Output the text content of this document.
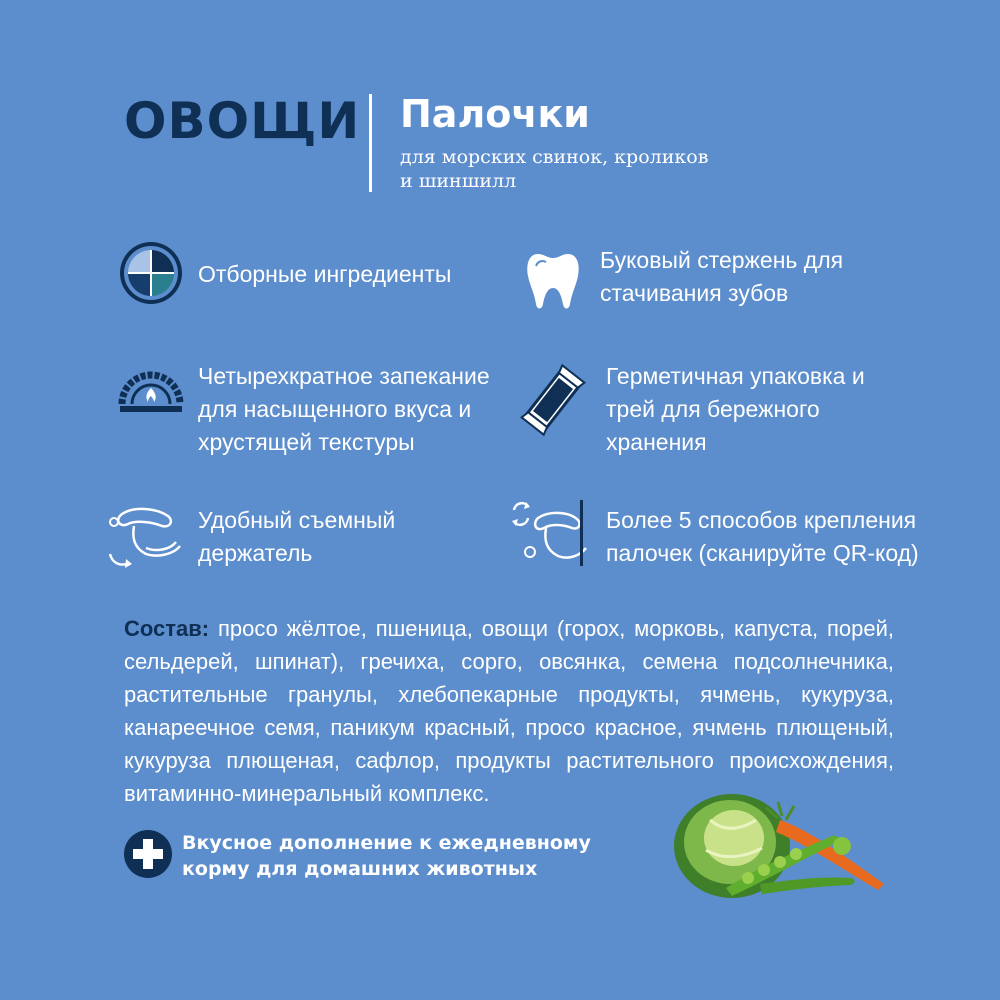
ОВОЩИ Палочки
для морских свинок, кроликов
и шиншилл
Отборные ингредиенты
Буковый стержень для
стачивания зубов
Четырехкратное запекание
для насыщенного вкуса и
хрустящей текстуры
Герметичная упаковка и
трей для бережного
хранения
Удобный съемный
держатель
Более 5 способов крепления
палочек (сканируйте QR-код)
Состав: просо жёлтое, пшеница, овощи (горох, морковь, капуста, порей, сельдерей, шпинат), гречиха, сорго, овсянка, семена подсолнечника, растительные гранулы, хлебопекарные продукты, ячмень, кукуруза, канареечное семя, паникум красный, просо красное, ячмень плющеный, кукуруза плющеная, сафлор, продукты растительного происхождения, витаминно-минеральный комплекс.
Вкусное дополнение к ежедневному
корму для домашних животных
